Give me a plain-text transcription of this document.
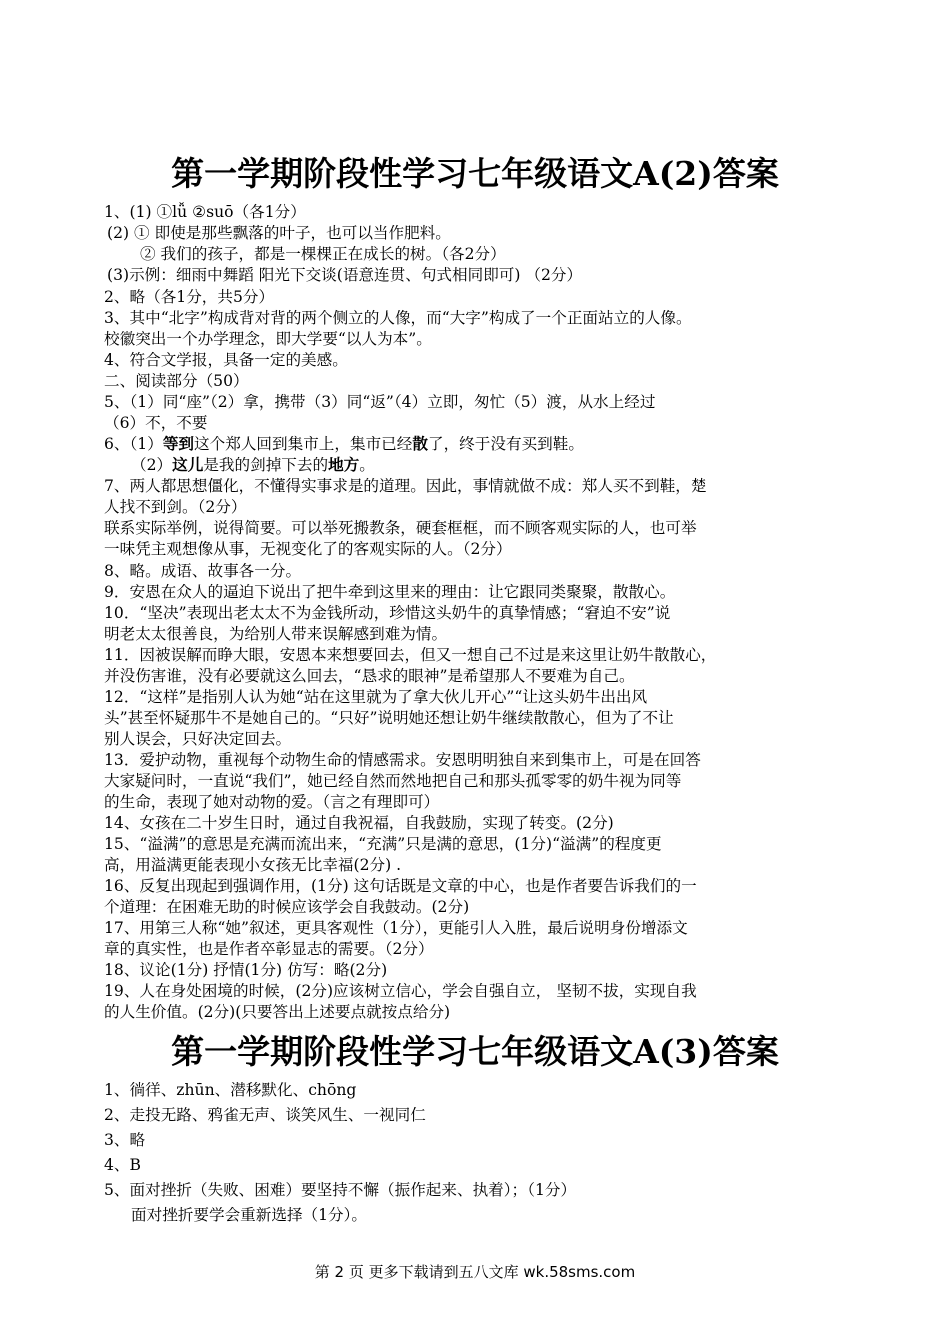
第一学期阶段性学习七年级语文A(2)答案
1、(1) ①lǚ ②suō（各1分）
(2) ① 即使是那些飘落的叶子，也可以当作肥料。
② 我们的孩子，都是一棵棵正在成长的树。（各2分）
(3)示例：细雨中舞蹈 阳光下交谈(语意连贯、句式相同即可) （2分）
2、略（各1分，共5分）
3、其中“北字”构成背对背的两个侧立的人像，而“大字”构成了一个正面站立的人像。
校徽突出一个办学理念，即大学要“以人为本”。
4、符合文学报，具备一定的美感。
二、阅读部分（50）
5、（1）同“座”（2）拿，携带（3）同“返”（4）立即，匆忙（5）渡，从水上经过
（6）不，不要
6、（1）等到这个郑人回到集市上，集市已经散了，终于没有买到鞋。
（2）这儿是我的剑掉下去的地方。
7、两人都思想僵化，不懂得实事求是的道理。因此，事情就做不成：郑人买不到鞋，楚
人找不到剑。（2分）
联系实际举例，说得简要。可以举死搬教条，硬套框框，而不顾客观实际的人，也可举
一味凭主观想像从事，无视变化了的客观实际的人。（2分）
8、略。成语、故事各一分。
9．安恩在众人的逼迫下说出了把牛牵到这里来的理由：让它跟同类聚聚，散散心。
10．“坚决”表现出老太太不为金钱所动，珍惜这头奶牛的真挚情感；“窘迫不安”说
明老太太很善良，为给别人带来误解感到难为情。
11．因被误解而睁大眼，安恩本来想要回去，但又一想自己不过是来这里让奶牛散散心，
并没伤害谁，没有必要就这么回去，“恳求的眼神”是希望那人不要难为自己。
12．“这样”是指别人认为她“站在这里就为了拿大伙儿开心”“让这头奶牛出出风
头”甚至怀疑那牛不是她自己的。“只好”说明她还想让奶牛继续散散心，但为了不让
别人误会，只好决定回去。
13．爱护动物，重视每个动物生命的情感需求。安恩明明独自来到集市上，可是在回答
大家疑问时，一直说“我们”，她已经自然而然地把自己和那头孤零零的奶牛视为同等
的生命，表现了她对动物的爱。（言之有理即可）
14、女孩在二十岁生日时，通过自我祝福，自我鼓励，实现了转变。(2分)
15、“溢满”的意思是充满而流出来，“充满”只是满的意思，(1分)“溢满”的程度更
高，用溢满更能表现小女孩无比幸福(2分) .
16、反复出现起到强调作用，(1分) 这句话既是文章的中心，也是作者要告诉我们的一
个道理：在困难无助的时候应该学会自我鼓动。(2分)
17、用第三人称“她”叙述，更具客观性（1分），更能引人入胜，最后说明身份增添文
章的真实性，也是作者卒彰显志的需要。（2分）
18、议论(1分) 抒情(1分) 仿写：略(2分)
19、人在身处困境的时候，(2分)应该树立信心，学会自强自立， 坚韧不拔，实现自我
的人生价值。(2分)(只要答出上述要点就按点给分)
第一学期阶段性学习七年级语文A(3)答案
1、徜徉、zhūn、潜移默化、chōng
2、走投无路、鸦雀无声、谈笑风生、一视同仁
3、略
4、B
5、面对挫折（失败、困难）要坚持不懈（振作起来、执着）；（1分）
面对挫折要学会重新选择（1分）。
第 2 页 更多下载请到五八文库 wk.58sms.com
